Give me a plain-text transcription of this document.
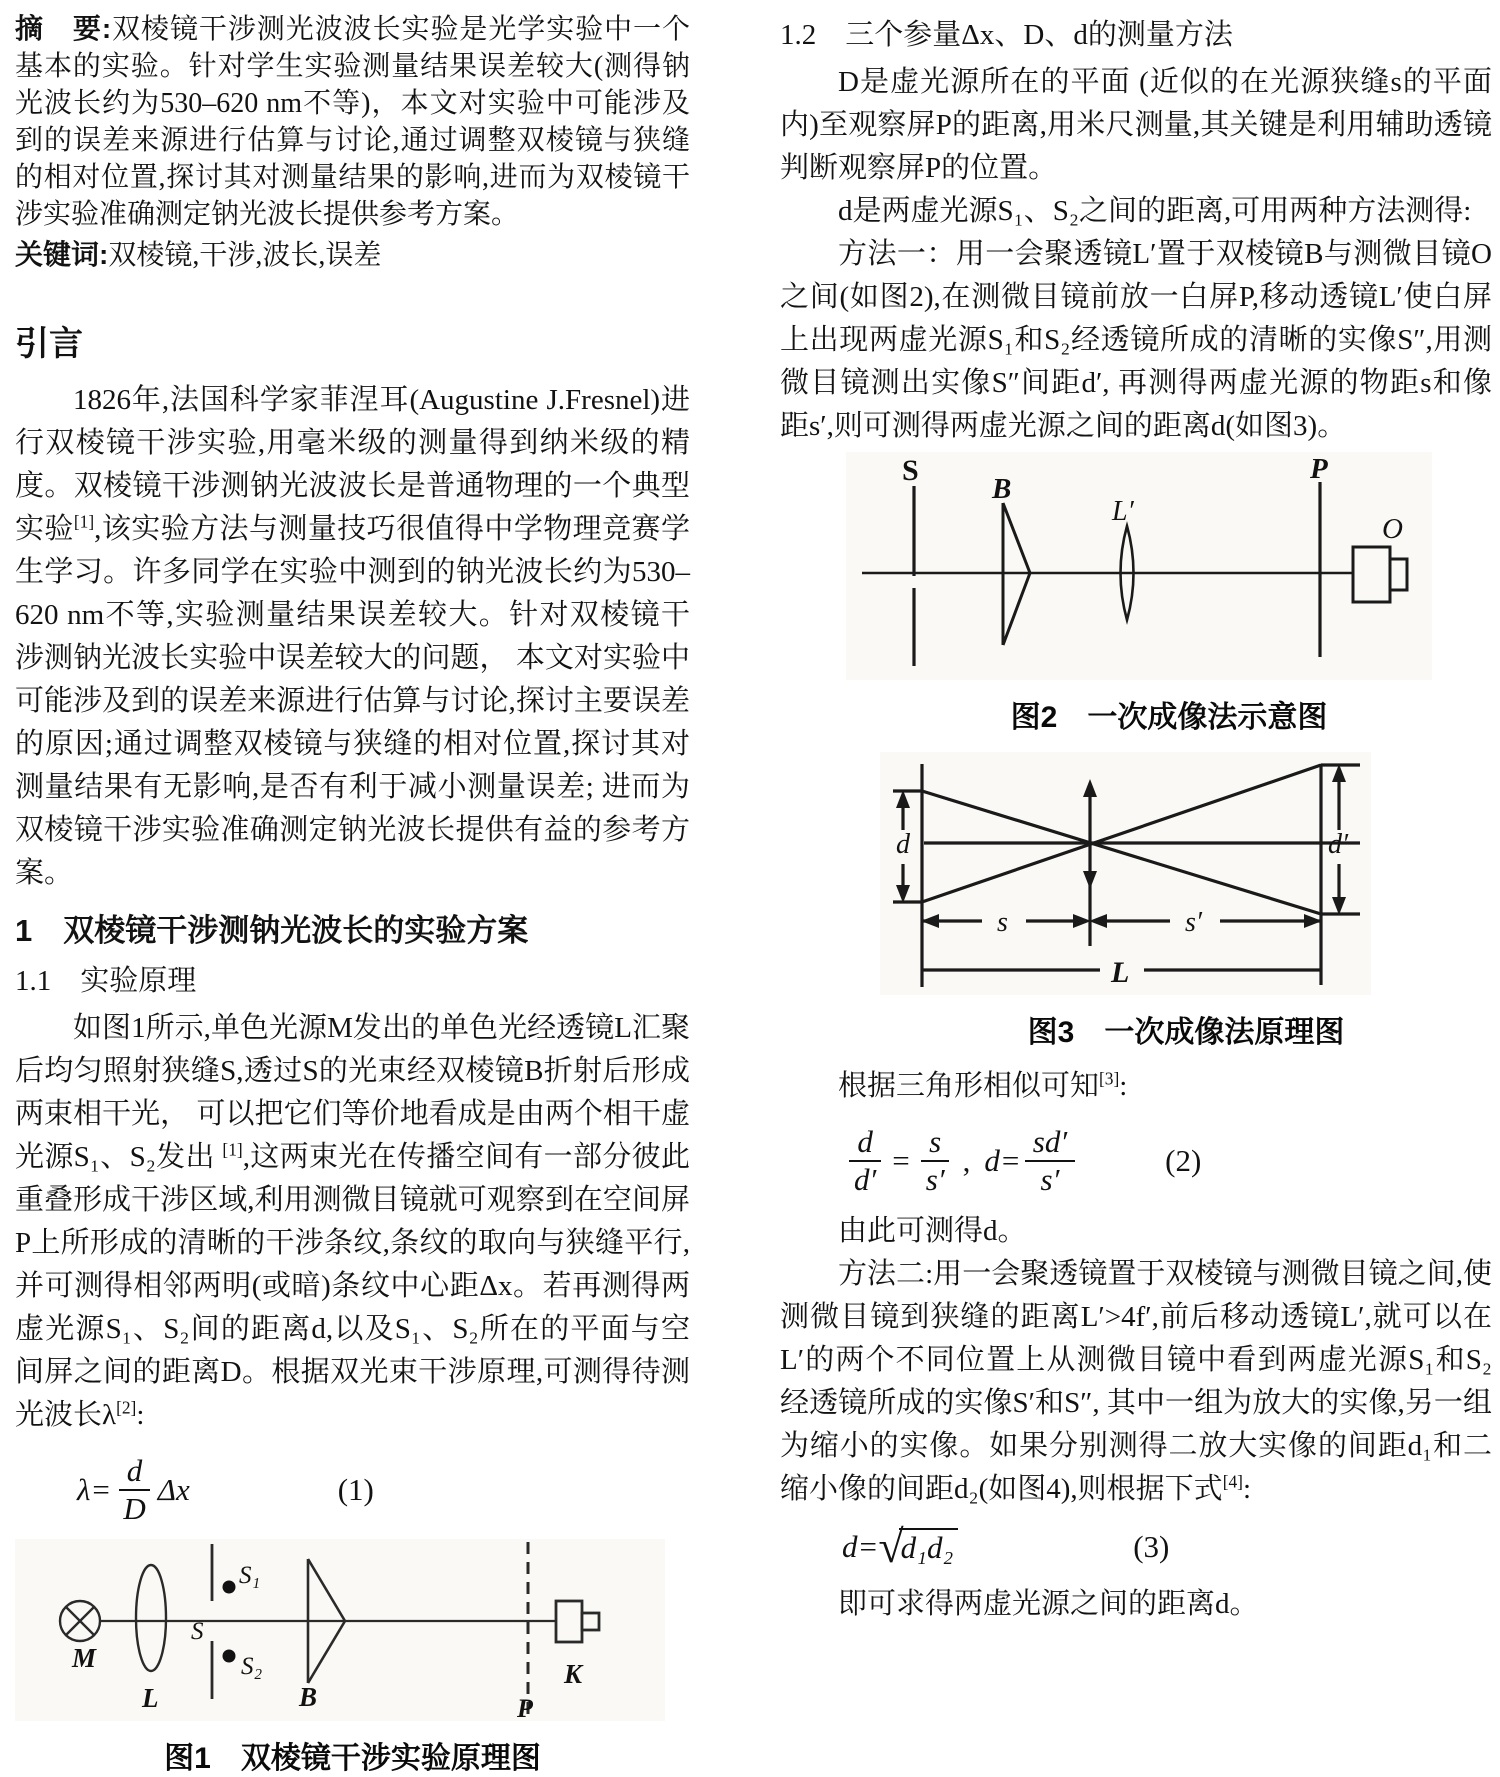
摘　要:双棱镜干涉测光波波长实验是光学实验中一个基本的实验。针对学生实验测量结果误差较大(测得钠光波长约为530–620 nm不等)，本文对实验中可能涉及到的误差来源进行估算与讨论,通过调整双棱镜与狭缝的相对位置,探讨其对测量结果的影响,进而为双棱镜干涉实验准确测定钠光波长提供参考方案。

关键词:双棱镜,干涉,波长,误差

引言

1826年,法国科学家菲涅耳(Augustine J.Fresnel)进行双棱镜干涉实验,用毫米级的测量得到纳米级的精度。双棱镜干涉测钠光波波长是普通物理的一个典型实验[1],该实验方法与测量技巧很值得中学物理竞赛学生学习。许多同学在实验中测到的钠光波长约为530–620 nm不等,实验测量结果误差较大。针对双棱镜干涉测钠光波长实验中误差较大的问题， 本文对实验中可能涉及到的误差来源进行估算与讨论,探讨主要误差的原因;通过调整双棱镜与狭缝的相对位置,探讨其对测量结果有无影响,是否有利于减小测量误差; 进而为双棱镜干涉实验准确测定钠光波长提供有益的参考方案。

1　双棱镜干涉测钠光波长的实验方案
1.1　实验原理

如图1所示,单色光源M发出的单色光经透镜L汇聚后均匀照射狭缝S,透过S的光束经双棱镜B折射后形成两束相干光， 可以把它们等价地看成是由两个相干虚光源S₁、S₂发出 [1],这两束光在传播空间有一部分彼此重叠形成干涉区域,利用测微目镜就可观察到在空间屏P上所形成的清晰的干涉条纹,条纹的取向与狭缝平行,并可测得相邻两明(或暗)条纹中心距Δx。若再测得两虚光源S₁、S₂间的距离d,以及S₁、S₂所在的平面与空间屏之间的距离D。根据双光束干涉原理,可测得待测光波长λ[2]:

$\lambda= \frac{d}{D}$ Δx	(1)
M
L
S
S₁
S₂
B	P
K
图1　双棱镜干涉实验原理图
1.2　三个参量Δx、D、d的测量方法

D是虚光源所在的平面 (近似的在光源狭缝s的平面内)至观察屏P的距离,用米尺测量,其关键是利用辅助透镜判断观察屏P的位置。

d是两虚光源S₁、S₂之间的距离,可用两种方法测得:

方法一：用一会聚透镜L′置于双棱镜B与测微目镜O之间(如图2),在测微目镜前放一白屏P,移动透镜L′使白屏上出现两虚光源S₁和S₂经透镜所成的清晰的实像S″,用测微目镜测出实像S″间距d′, 再测得两虚光源的物距s和像距s′,则可测得两虚光源之间的距离d(如图3)。

S
B
L′
P
O
图2　一次成像法示意图
d	d′
s	s′
L
图3　一次成像法原理图

根据三角形相似可知[3]:

$\frac{d}{d'} = \frac{s}{s'}$ , $d= \frac{sd'}{s'}$	(2)

由此可测得d。

方法二:用一会聚透镜置于双棱镜与测微目镜之间,使测微目镜到狭缝的距离L′>4f′,前后移动透镜L′,就可以在L′的两个不同位置上从测微目镜中看到两虚光源S₁和S₂经透镜所成的实像S′和S″, 其中一组为放大的实像,另一组为缩小的实像。如果分别测得二放大实像的间距d₁和二缩小像的间距d₂(如图4),则根据下式[4]:

d= √
d₁d₂	(3)

即可求得两虚光源之间的距离d。
